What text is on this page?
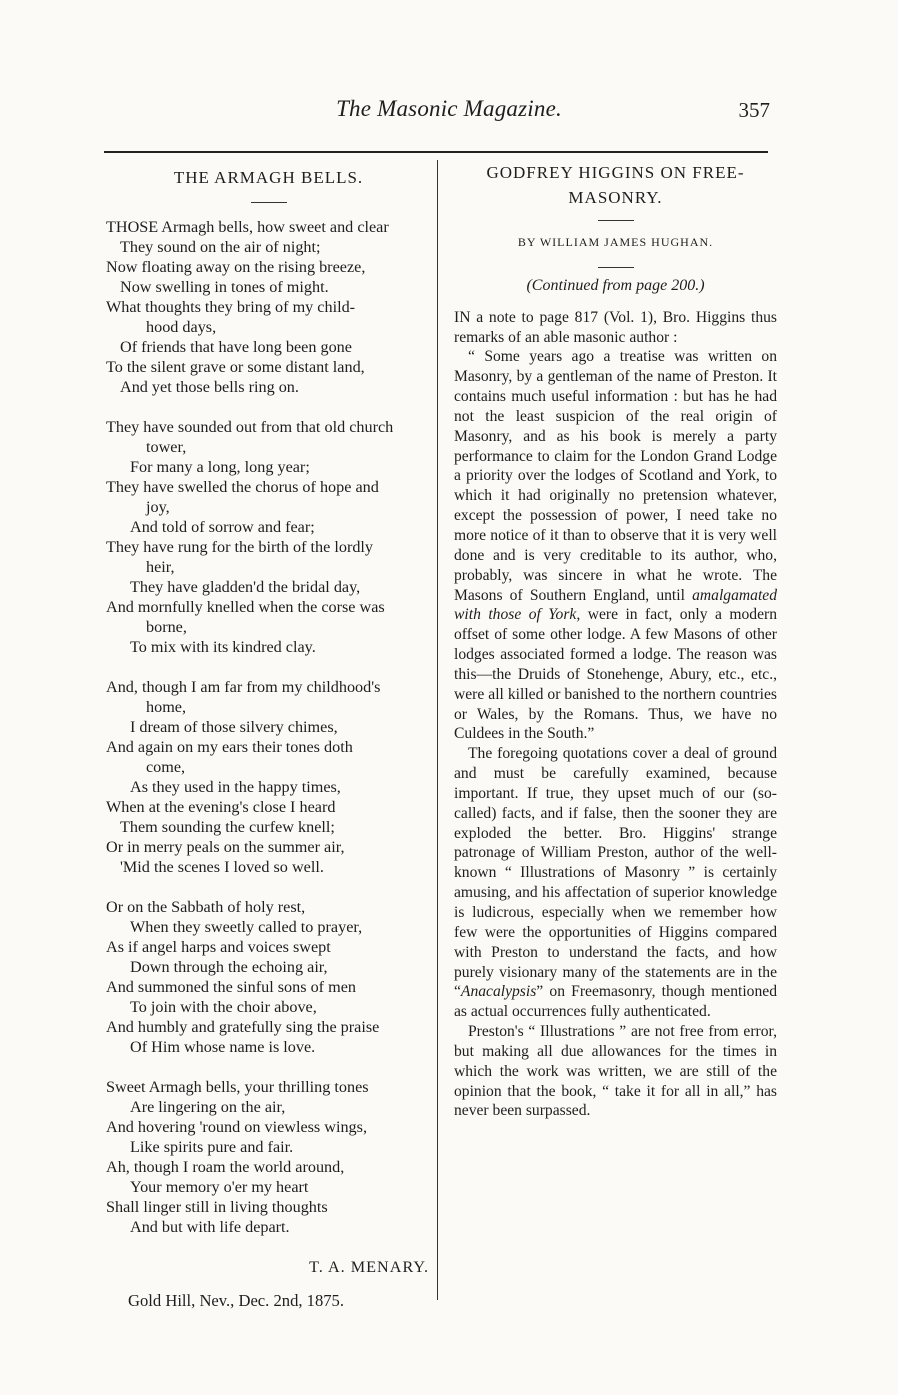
The Masonic Magazine.	357
THE ARMAGH BELLS.
THOSE Armagh bells, how sweet and clear
They sound on the air of night;
Now floating away on the rising breeze,
Now swelling in tones of might.
What thoughts they bring of my child-
hood days,
Of friends that have long been gone
To the silent grave or some distant land,
And yet those bells ring on.
They have sounded out from that old church
tower,
For many a long, long year;
They have swelled the chorus of hope and
joy,
And told of sorrow and fear;
They have rung for the birth of the lordly
heir,
They have gladden'd the bridal day,
And mornfully knelled when the corse was
borne,
To mix with its kindred clay.
And, though I am far from my childhood's
home,
I dream of those silvery chimes,
And again on my ears their tones doth
come,
As they used in the happy times,
When at the evening's close I heard
Them sounding the curfew knell;
Or in merry peals on the summer air,
'Mid the scenes I loved so well.
Or on the Sabbath of holy rest,
When they sweetly called to prayer,
As if angel harps and voices swept
Down through the echoing air,
And summoned the sinful sons of men
To join with the choir above,
And humbly and gratefully sing the praise
Of Him whose name is love.
Sweet Armagh bells, your thrilling tones
Are lingering on the air,
And hovering 'round on viewless wings,
Like spirits pure and fair.
Ah, though I roam the world around,
Your memory o'er my heart
Shall linger still in living thoughts
And but with life depart.
T. A. MENARY.
Gold Hill, Nev., Dec. 2nd, 1875.
GODFREY HIGGINS ON FREE-
MASONRY.
BY WILLIAM JAMES HUGHAN.
(Continued from page 200.)

IN a note to page 817 (Vol. 1), Bro. Higgins thus remarks of an able masonic author :

“ Some years ago a treatise was written on Masonry, by a gentleman of the name of Preston. It contains much useful information : but has he had not the least suspicion of the real origin of Masonry, and as his book is merely a party performance to claim for the London Grand Lodge a priority over the lodges of Scotland and York, to which it had originally no pretension whatever, except the possession of power, I need take no more notice of it than to observe that it is very well done and is very creditable to its author, who, probably, was sincere in what he wrote. The Masons of Southern England, until amalgamated with those of York, were in fact, only a modern offset of some other lodge. A few Masons of other lodges associated formed a lodge. The reason was this—the Druids of Stonehenge, Abury, etc., etc., were all killed or banished to the northern countries or Wales, by the Romans. Thus, we have no Culdees in the South.”

The foregoing quotations cover a deal of ground and must be carefully examined, because important. If true, they upset much of our (so-called) facts, and if false, then the sooner they are exploded the better. Bro. Higgins' strange patronage of William Preston, author of the well-known “ Illustrations of Masonry ” is certainly amusing, and his affectation of superior knowledge is ludicrous, especially when we remember how few were the opportunities of Higgins compared with Preston to understand the facts, and how purely visionary many of the statements are in the “Anacalypsis” on Freemasonry, though mentioned as actual occurrences fully authenticated.

Preston's “ Illustrations ” are not free from error, but making all due allowances for the times in which the work was written, we are still of the opinion that the book, “ take it for all in all,” has never been surpassed.
